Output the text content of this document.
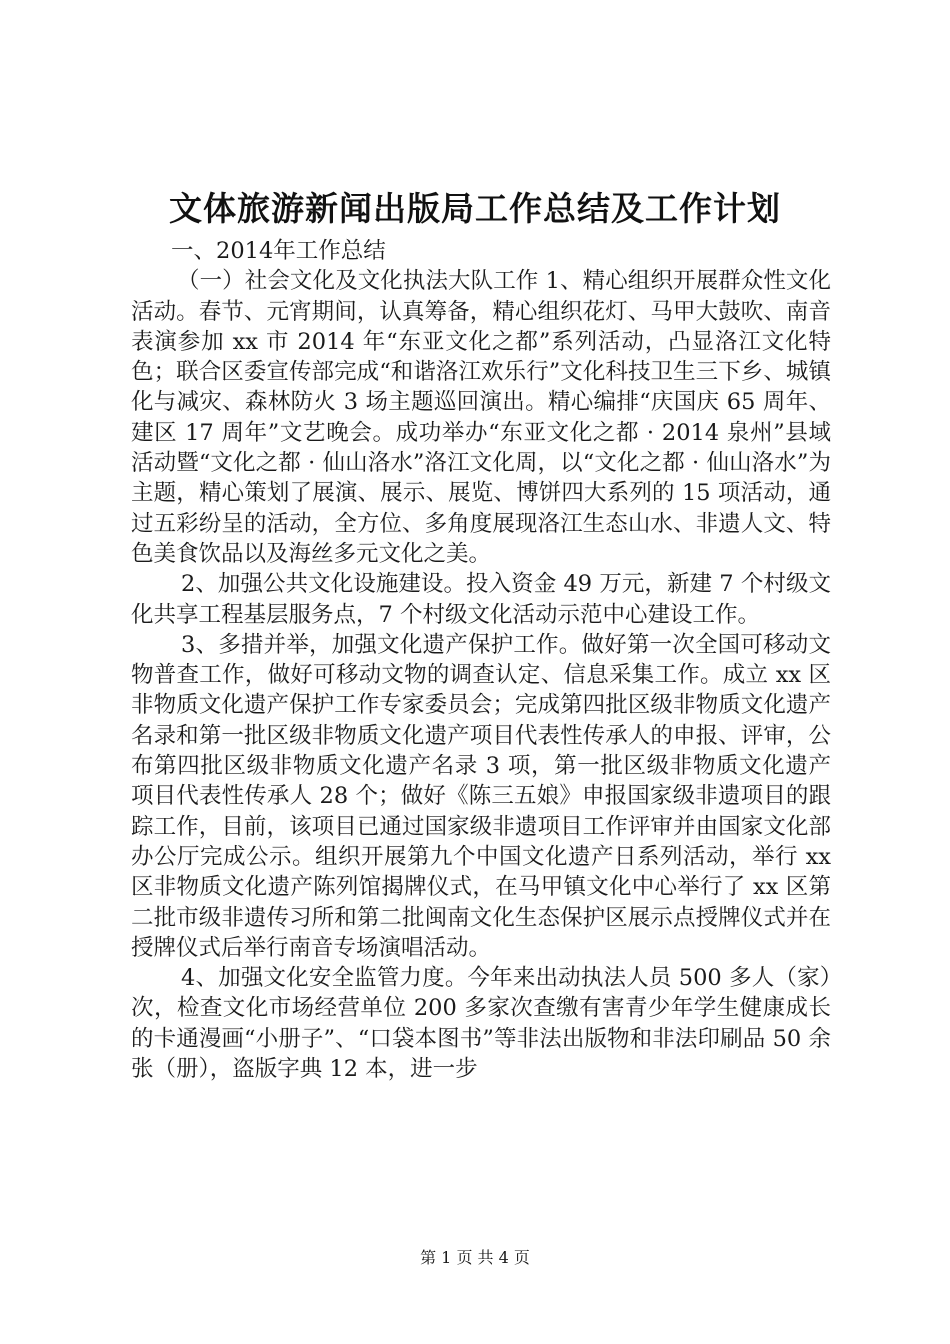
文体旅游新闻出版局工作总结及工作计划

一、2014年工作总结

（一）社会文化及文化执法大队工作 1、精心组织开展群众性文化活动。春节、元宵期间，认真筹备，精心组织花灯、马甲大鼓吹、南音表演参加 xx 市 2014 年“东亚文化之都”系列活动，凸显洛江文化特色；联合区委宣传部完成“和谐洛江欢乐行”文化科技卫生三下乡、城镇化与减灾、森林防火 3 场主题巡回演出。精心编排“庆国庆 65 周年、建区 17 周年”文艺晚会。成功举办“东亚文化之都 · 2014 泉州”县域活动暨“文化之都 · 仙山洛水”洛江文化周，以“文化之都 · 仙山洛水”为主题，精心策划了展演、展示、展览、博饼四大系列的 15 项活动，通过五彩纷呈的活动，全方位、多角度展现洛江生态山水、非遗人文、特色美食饮品以及海丝多元文化之美。

2、加强公共文化设施建设。投入资金 49 万元，新建 7 个村级文化共享工程基层服务点，7 个村级文化活动示范中心建设工作。

3、多措并举，加强文化遗产保护工作。做好第一次全国可移动文物普查工作，做好可移动文物的调查认定、信息采集工作。成立 xx 区非物质文化遗产保护工作专家委员会；完成第四批区级非物质文化遗产名录和第一批区级非物质文化遗产项目代表性传承人的申报、评审，公布第四批区级非物质文化遗产名录 3 项，第一批区级非物质文化遗产项目代表性传承人 28 个；做好《陈三五娘》申报国家级非遗项目的跟踪工作，目前，该项目已通过国家级非遗项目工作评审并由国家文化部办公厅完成公示。组织开展第九个中国文化遗产日系列活动，举行 xx 区非物质文化遗产陈列馆揭牌仪式，在马甲镇文化中心举行了 xx 区第二批市级非遗传习所和第二批闽南文化生态保护区展示点授牌仪式并在授牌仪式后举行南音专场演唱活动。

4、加强文化安全监管力度。今年来出动执法人员 500 多人（家）次，检查文化市场经营单位 200 多家次查缴有害青少年学生健康成长的卡通漫画“小册子”、“口袋本图书”等非法出版物和非法印刷品 50 余张（册），盗版字典 12 本，进一步

第 1 页 共 4 页
